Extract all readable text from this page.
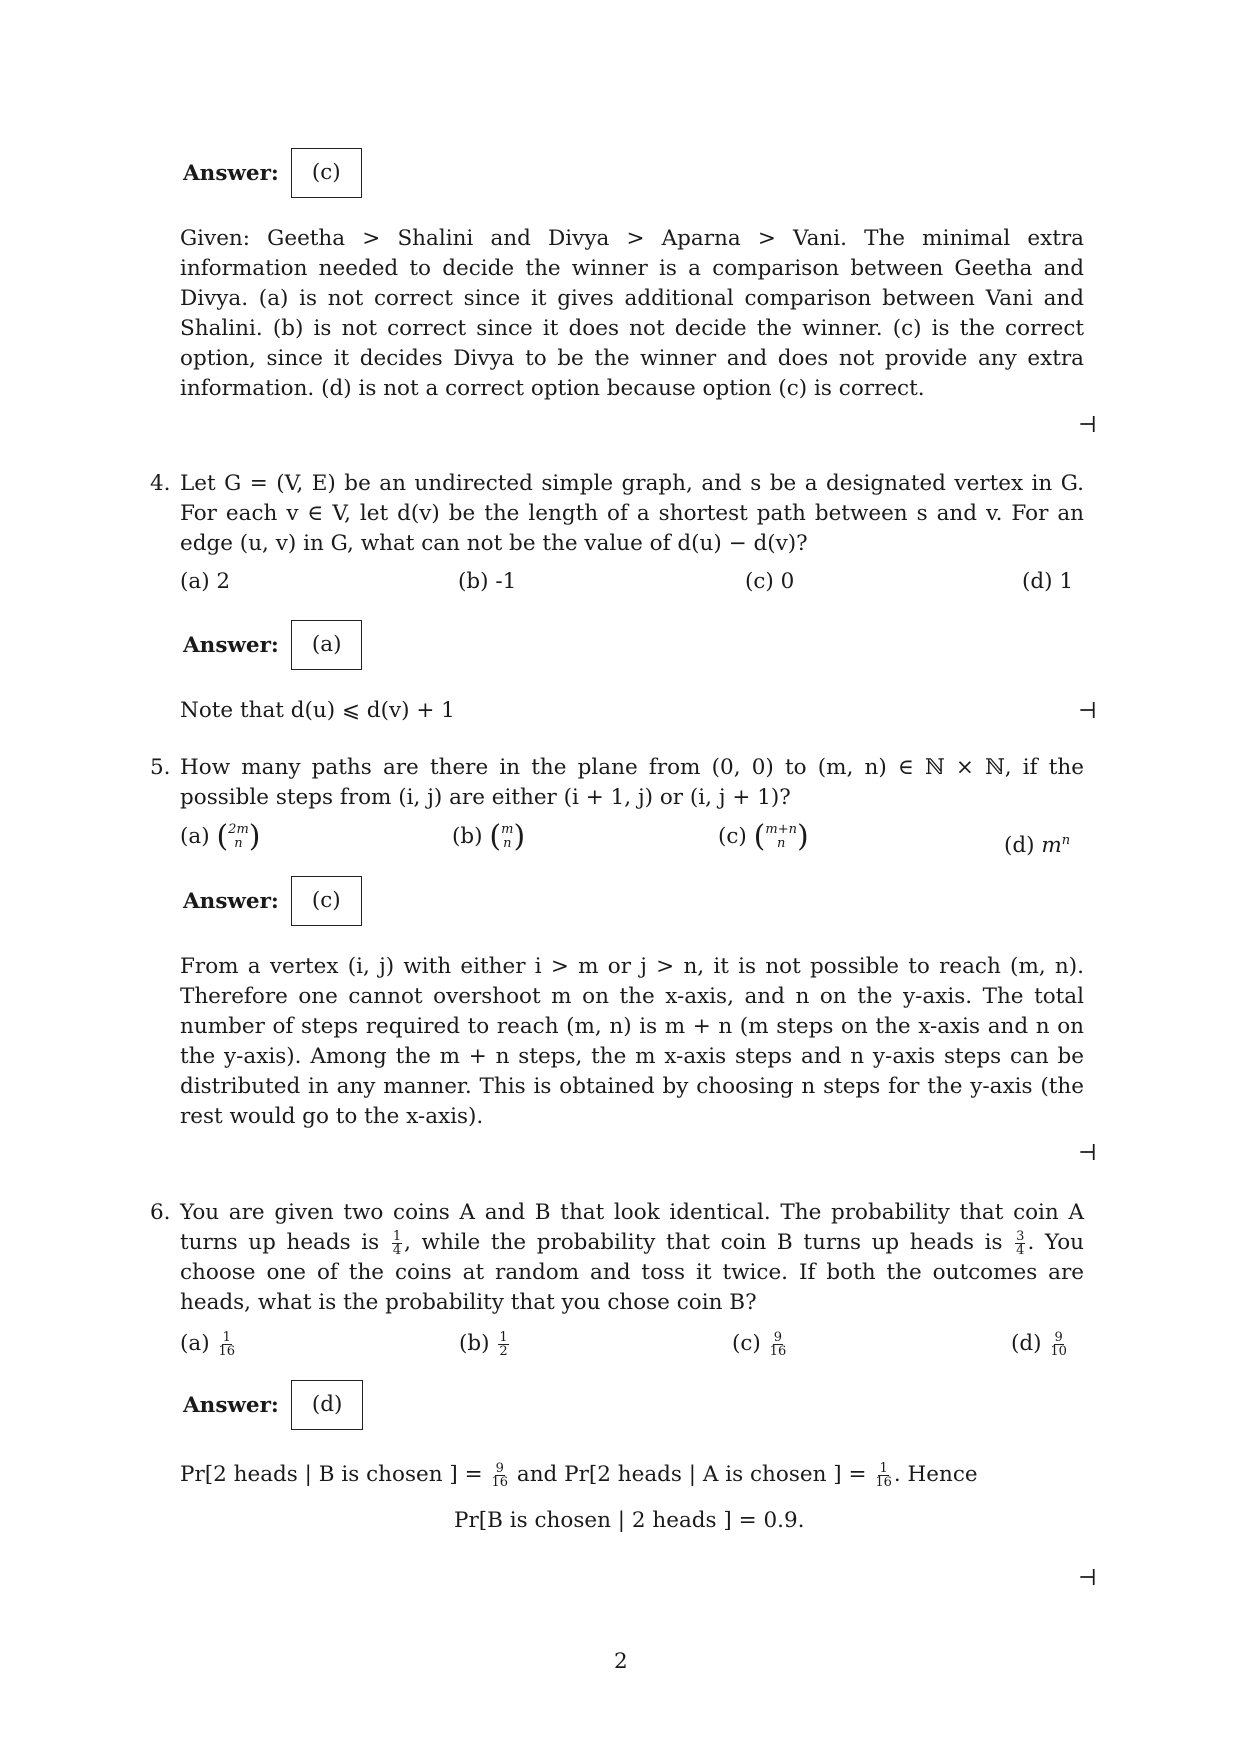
Answer:	(c)
Given: Geetha > Shalini and Divya > Aparna > Vani. The minimal extra information needed to decide the winner is a comparison between Geetha and Divya. (a) is not correct since it gives additional comparison between Vani and Shalini. (b) is not correct since it does not decide the winner. (c) is the correct option, since it decides Divya to be the winner and does not provide any extra information. (d) is not a correct option because option (c) is correct.
⊣
4. Let G = (V, E) be an undirected simple graph, and s be a designated vertex in G. For each v ∈ V, let d(v) be the length of a shortest path between s and v. For an edge (u, v) in G, what can not be the value of d(u) − d(v)?
(a) 2	(b) -1	(c) 0	(d) 1
Answer:	(a)
Note that d(u) ⩽ d(v) + 1	⊣
5. How many paths are there in the plane from (0, 0) to (m, n) ∈ ℕ × ℕ, if the possible steps from (i, j) are either (i + 1, j) or (i, j + 1)?
(a) ( 2m
n )	(b) ( m
n )	(c) ( m+n
n )	(d) $m^n$
Answer:	(c)
From a vertex (i, j) with either i > m or j > n, it is not possible to reach (m, n). Therefore one cannot overshoot m on the x-axis, and n on the y-axis. The total number of steps required to reach (m, n) is m + n (m steps on the x-axis and n on the y-axis). Among the m + n steps, the m x-axis steps and n y-axis steps can be distributed in any manner. This is obtained by choosing n steps for the y-axis (the rest would go to the x-axis).
⊣
6. You are given two coins A and B that look identical. The probability that coin A turns up heads is $\frac{1}{4}$ , while the probability that coin B turns up heads is $\frac{3}{4}$ . You choose one of the coins at random and toss it twice. If both the outcomes are heads, what is the probability that you chose coin B?
$(a) \frac{1}{16}$	$(b) \frac{1}{2}$	$(c) \frac{9}{16}$	$(d) \frac{9}{10}$
Answer:	(d)
Pr[2 heads | B is chosen ] = $\frac{9}{16}$ and Pr[2 heads | A is chosen ] = $\frac{1}{16}$ . Hence
Pr[B is chosen | 2 heads ] = 0.9.
⊣
2
